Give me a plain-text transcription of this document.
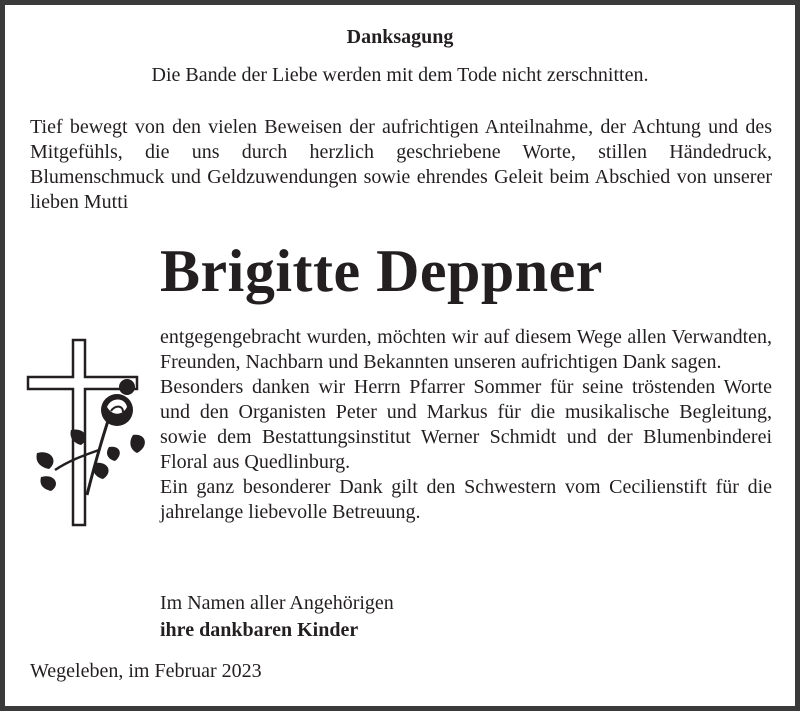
Danksagung
Die Bande der Liebe werden mit dem Tode nicht zerschnitten.
Tief bewegt von den vielen Beweisen der aufrichtigen Anteilnahme, der Achtung und des Mitgefühls, die uns durch herzlich geschriebene Worte, stillen Händedruck, Blumenschmuck und Geldzuwendungen sowie ehrendes Geleit beim Abschied von unserer lieben Mutti
Brigitte Deppner

entgegengebracht wurden, möchten wir auf diesem Wege allen Verwandten, Freunden, Nachbarn und Bekannten unseren aufrichtigen Dank sagen.

Besonders danken wir Herrn Pfarrer Sommer für seine tröstenden Worte und den Organisten Peter und Markus für die musikalische Begleitung, sowie dem Bestattungsinstitut Werner Schmidt und der Blumenbinderei Floral aus Quedlinburg.

Ein ganz besonderer Dank gilt den Schwestern vom Cecilienstift für die jahrelange liebevolle Betreuung.

Im Namen aller Angehörigen
ihre dankbaren Kinder
Wegeleben, im Februar 2023
